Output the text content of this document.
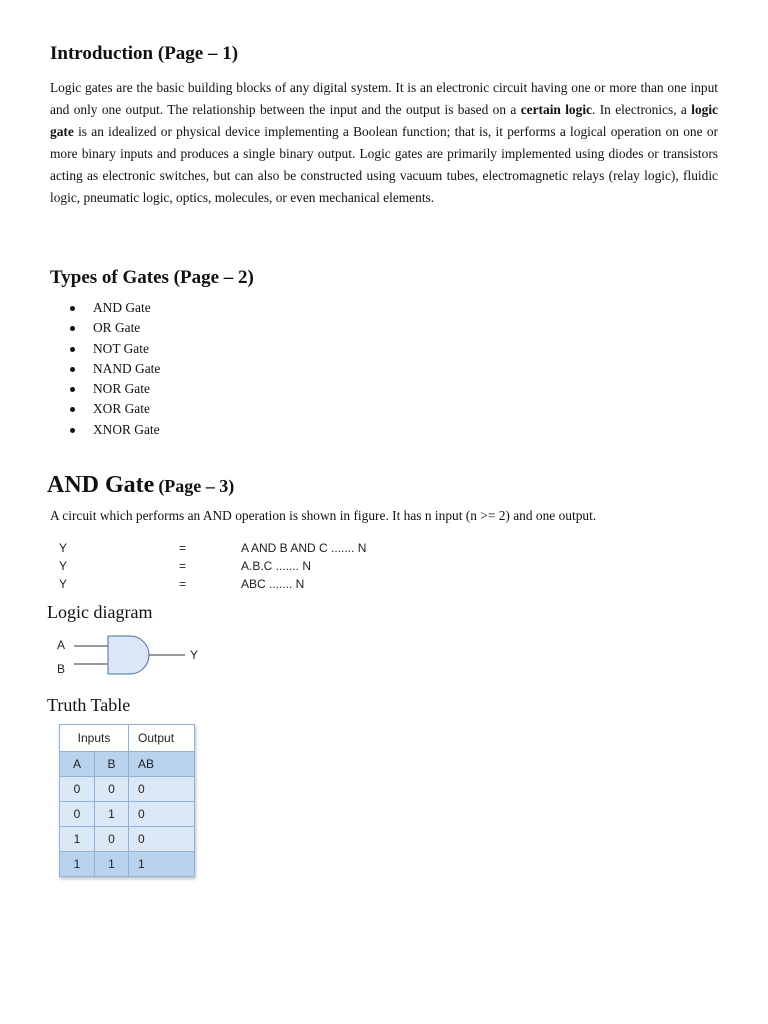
Introduction (Page – 1)

Logic gates are the basic building blocks of any digital system. It is an electronic circuit having one or more than one input and only one output. The relationship between the input and the output is based on a certain logic. In electronics, a logic gate is an idealized or physical device implementing a Boolean function; that is, it performs a logical operation on one or more binary inputs and produces a single binary output. Logic gates are primarily implemented using diodes or transistors acting as electronic switches, but can also be constructed using vacuum tubes, electromagnetic relays (relay logic), fluidic logic, pneumatic logic, optics, molecules, or even mechanical elements.

Types of Gates (Page – 2)
AND Gate
OR Gate
NOT Gate
NAND Gate
NOR Gate
XOR Gate
XNOR Gate
AND Gate (Page – 3)
A circuit which performs an AND operation is shown in figure. It has n input (n >= 2) and one output.
Y	=	A AND B AND C ....... N
Y	=	A.B.C ....... N
Y	=	ABC ....... N
Logic diagram
A
B
Y
Truth Table
Inputs		Output
A	B	AB
0	0	0
0	1	0
1	0	0
1	1	1
